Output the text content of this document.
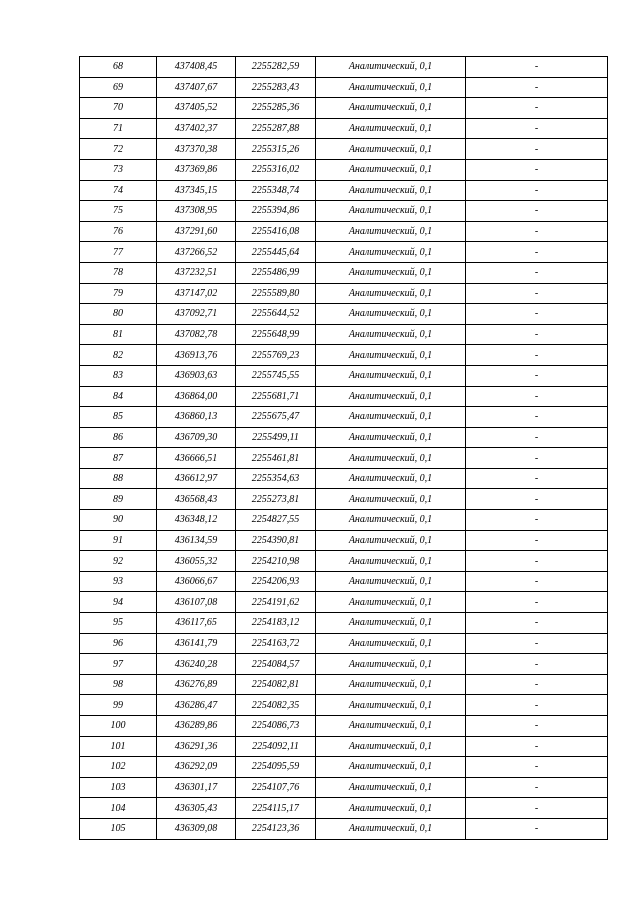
68	437408,45	2255282,59	Аналитический, 0,1	-
69	437407,67	2255283,43	Аналитический, 0,1	-
70	437405,52	2255285,36	Аналитический, 0,1	-
71	437402,37	2255287,88	Аналитический, 0,1	-
72	437370,38	2255315,26	Аналитический, 0,1	-
73	437369,86	2255316,02	Аналитический, 0,1	-
74	437345,15	2255348,74	Аналитический, 0,1	-
75	437308,95	2255394,86	Аналитический, 0,1	-
76	437291,60	2255416,08	Аналитический, 0,1	-
77	437266,52	2255445,64	Аналитический, 0,1	-
78	437232,51	2255486,99	Аналитический, 0,1	-
79	437147,02	2255589,80	Аналитический, 0,1	-
80	437092,71	2255644,52	Аналитический, 0,1	-
81	437082,78	2255648,99	Аналитический, 0,1	-
82	436913,76	2255769,23	Аналитический, 0,1	-
83	436903,63	2255745,55	Аналитический, 0,1	-
84	436864,00	2255681,71	Аналитический, 0,1	-
85	436860,13	2255675,47	Аналитический, 0,1	-
86	436709,30	2255499,11	Аналитический, 0,1	-
87	436666,51	2255461,81	Аналитический, 0,1	-
88	436612,97	2255354,63	Аналитический, 0,1	-
89	436568,43	2255273,81	Аналитический, 0,1	-
90	436348,12	2254827,55	Аналитический, 0,1	-
91	436134,59	2254390,81	Аналитический, 0,1	-
92	436055,32	2254210,98	Аналитический, 0,1	-
93	436066,67	2254206,93	Аналитический, 0,1	-
94	436107,08	2254191,62	Аналитический, 0,1	-
95	436117,65	2254183,12	Аналитический, 0,1	-
96	436141,79	2254163,72	Аналитический, 0,1	-
97	436240,28	2254084,57	Аналитический, 0,1	-
98	436276,89	2254082,81	Аналитический, 0,1	-
99	436286,47	2254082,35	Аналитический, 0,1	-
100	436289,86	2254086,73	Аналитический, 0,1	-
101	436291,36	2254092,11	Аналитический, 0,1	-
102	436292,09	2254095,59	Аналитический, 0,1	-
103	436301,17	2254107,76	Аналитический, 0,1	-
104	436305,43	2254115,17	Аналитический, 0,1	-
105	436309,08	2254123,36	Аналитический, 0,1	-
